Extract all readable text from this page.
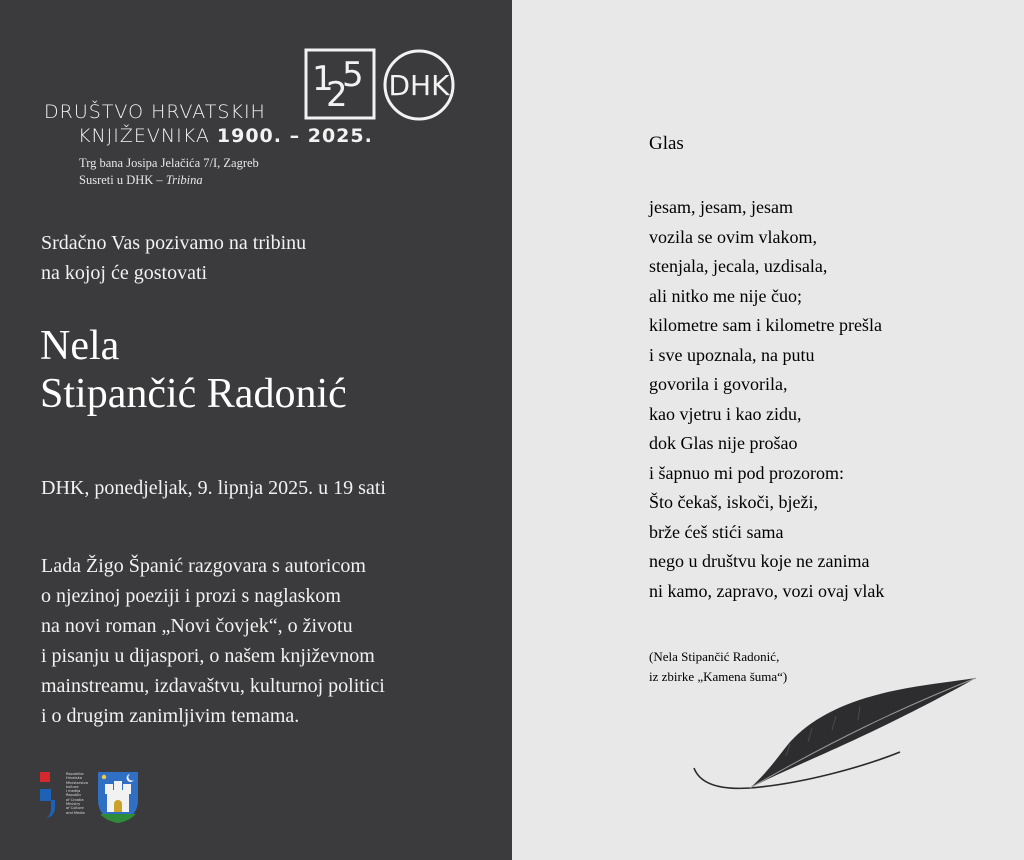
DRUŠTVO HRVATSKIH
KNJIŽEVNIKA 1900. – 2025.
Trg bana Josipa Jelačića 7/I, Zagreb
Susreti u DHK – Tribina
1
2
5 DHK
Srdačno Vas pozivamo na tribinu
na kojoj će gostovati
Nela
Stipančić Radonić
DHK, ponedjeljak, 9. lipnja 2025. u 19 sati
Lada Žigo Španić razgovara s autoricom
o njezinoj poeziji i prozi s naglaskom
na novi roman „Novi čovjek“, o životu
i pisanju u dijaspori, o našem književnom
mainstreamu, izdavaštvu, kulturnoj politici
i o drugim zanimljivim temama.
Republika
Hrvatska
Ministarstvo
kulture
i medija
Republic
of Croatia
Ministry
of Culture
and Media
Glas
jesam, jesam, jesam
vozila se ovim vlakom,
stenjala, jecala, uzdisala,
ali nitko me nije čuo;
kilometre sam i kilometre prešla
i sve upoznala, na putu
govorila i govorila,
kao vjetru i kao zidu,
dok Glas nije prošao
i šapnuo mi pod prozorom:
Što čekaš, iskoči, bježi,
brže ćeš stići sama
nego u društvu koje ne zanima
ni kamo, zapravo, vozi ovaj vlak
(Nela Stipančić Radonić,
iz zbirke „Kamena šuma“)
